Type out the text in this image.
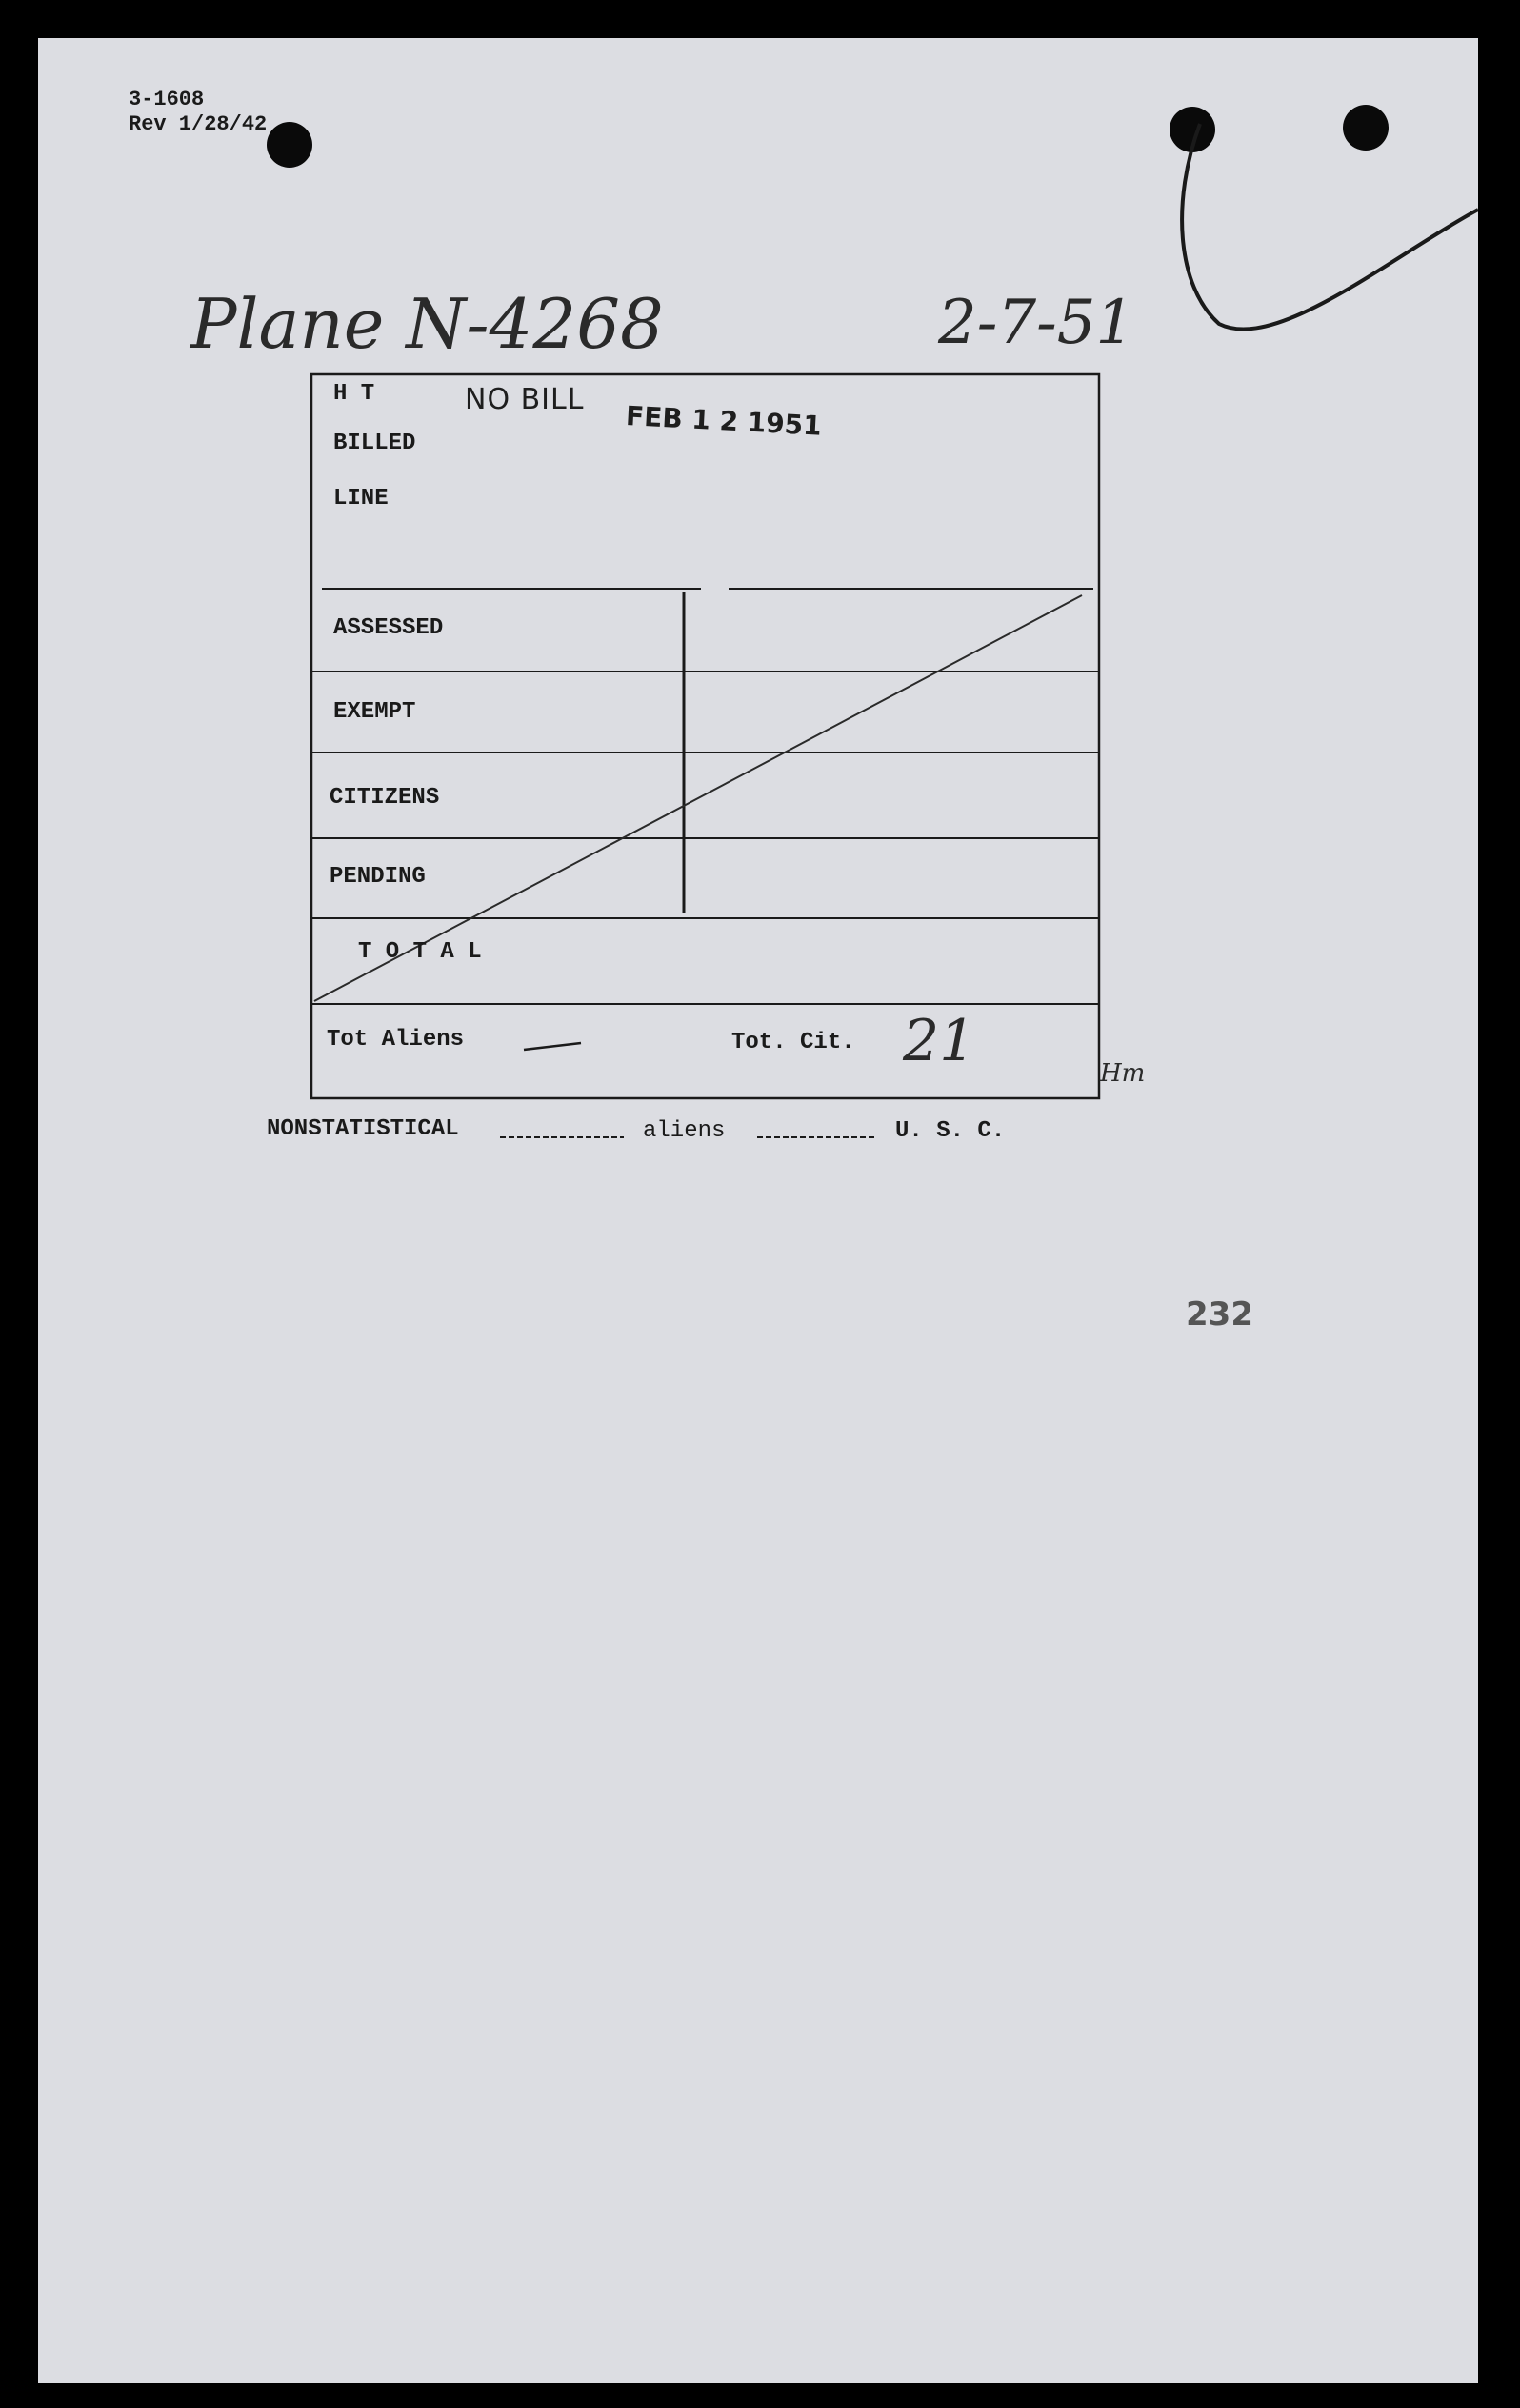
3-1608
Rev 1/28/42
Plane N-4268	2-7-51
H T
BILLED
LINE
NO BILL
FEB 1 2 1951
ASSESSED
EXEMPT
CITIZENS
PENDING
T O T A L
Tot Aliens	Tot. Cit. 21	Hm
NONSTATISTICAL	aliens	U. S. C.
232
